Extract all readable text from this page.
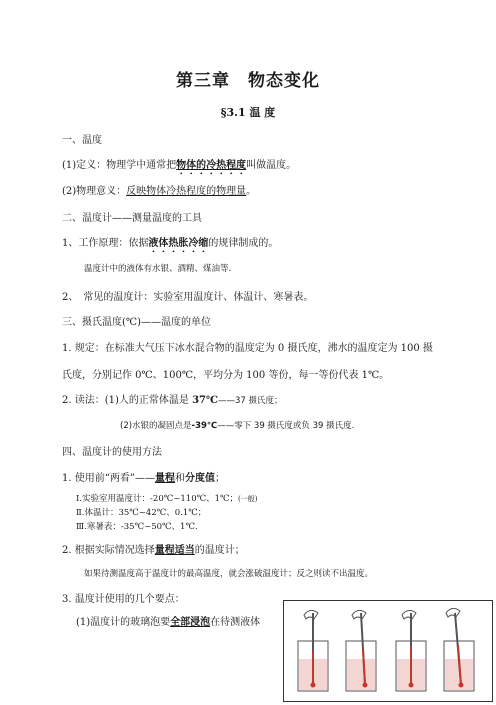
第三章　物态变化
§3.1 温 度
一、温度
(1)定义：物理学中通常把物体的冷热程度叫做温度。
(2)物理意义：反映物体冷热程度的物理量。
二、温度计——测量温度的工具
1、工作原理：依据液体热胀冷缩的规律制成的。
温度计中的液体有水银、酒精、煤油等.
2、　常见的温度计：实验室用温度计、体温计、寒暑表。
三、摄氏温度(℃)——温度的单位
1. 规定：在标准大气压下冰水混合物的温度定为 0 摄氏度，沸水的温度定为 100 摄
氏度，分别记作 0℃、100℃，平均分为 100 等份，每一等份代表 1℃。
2. 读法：(1)人的正常体温是 37℃——37 摄氏度；
(2)水银的凝固点是-39℃——零下 39 摄氏度或负 39 摄氏度.
四、温度计的使用方法
1. 使用前“两看”——量程和分度值；
Ⅰ.实验室用温度计：-20℃~110℃、1℃；(一般)
Ⅱ.体温计：35℃~42℃、0.1℃；
Ⅲ.寒暑表：-35℃~50℃、1℃.
2. 根据实际情况选择量程适当的温度计；
如果待测温度高于温度计的最高温度，就会涨破温度计；反之则读不出温度。
3. 温度计使用的几个要点：
(1)温度计的玻璃泡要全部浸泡在待测液体
